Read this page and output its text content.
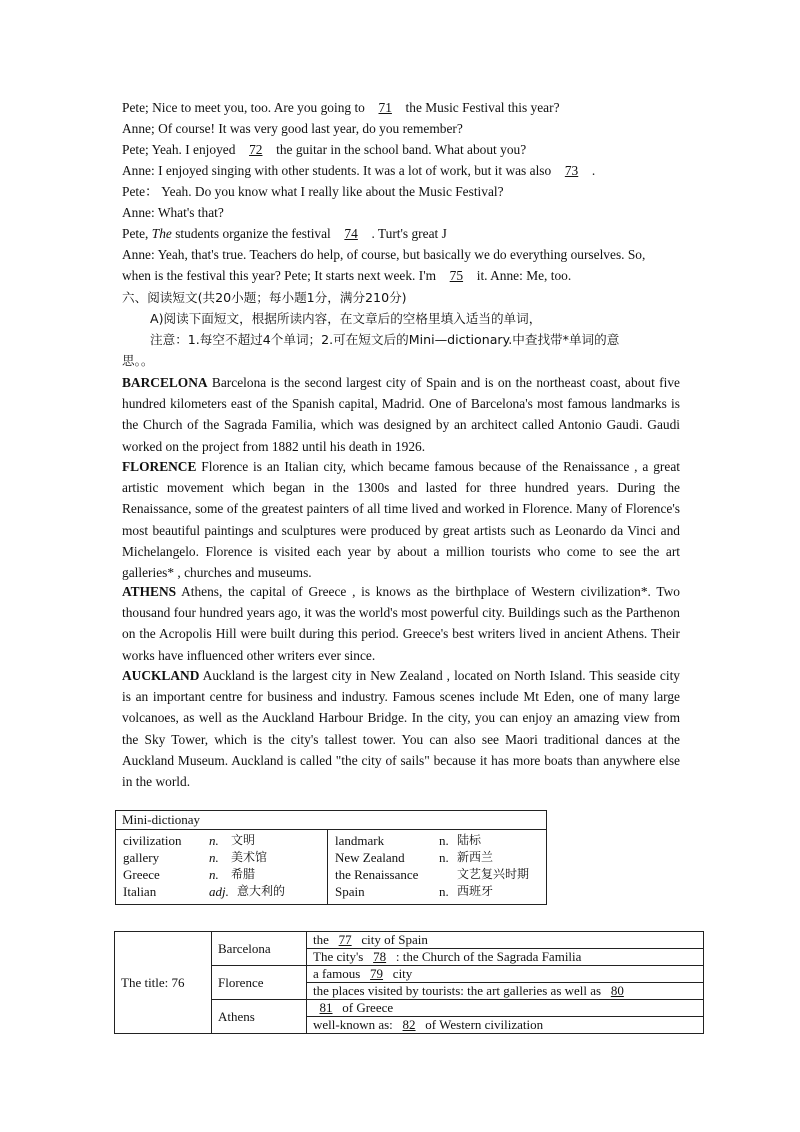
Pete; Nice to meet you, too. Are you going to 71 the Music Festival this year?
Anne; Of course! It was very good last year, do you remember?
Pete; Yeah. I enjoyed 72 the guitar in the school band. What about you?
Anne: I enjoyed singing with other students. It was a lot of work, but it was also 73 .
Pete： Yeah. Do you know what I really like about the Music Festival?
Anne: What's that?
Pete, The students organize the festival 74 . Turt's great J
Anne: Yeah, that's true. Teachers do help, of course, but basically we do everything ourselves. So,
when is the festival this year? Pete; It starts next week. I'm 75 it. Anne: Me, too.
六、阅读短文(共20小题；每小题1分，满分210分)
A)阅读下面短文，根据所读内容，在文章后的空格里填入适当的单词，
注意：1.每空不超过4个单词；2.可在短文后的Mini—dictionary.中查找带*单词的意
思。。
BARCELONA Barcelona is the second largest city of Spain and is on the northeast coast, about five hundred kilometers east of the Spanish capital, Madrid. One of Barcelona's most famous landmarks is the Church of the Sagrada Familia, which was designed by an architect called Antonio Gaudi. Gaudi worked on the project from 1882 until his death in 1926.
FLORENCE Florence is an Italian city, which became famous because of the Renaissance , a great artistic movement which began in the 1300s and lasted for three hundred years. During the Renaissance, some of the greatest painters of all time lived and worked in Florence. Many of Florence's most beautiful paintings and sculptures were produced by great artists such as Leonardo da Vinci and Michelangelo. Florence is visited each year by about a million tourists who come to see the art galleries* , churches and museums.
ATHENS Athens, the capital of Greece , is knows as the birthplace of Western civilization*. Two thousand four hundred years ago, it was the world's most powerful city. Buildings such as the Parthenon on the Acropolis Hill were built during this period. Greece's best writers lived in ancient Athens. Their works have influenced other writers ever since.
AUCKLAND Auckland is the largest city in New Zealand , located on North Island. This seaside city is an important centre for business and industry. Famous scenes include Mt Eden, one of many large volcanoes, as well as the Auckland Harbour Bridge. In the city, you can enjoy an amazing view from the Sky Tower, which is the city's tallest tower. You can also see Maori traditional dances at the Auckland Museum. Auckland is called "the city of sails" because it has more boats than anywhere else in the world.
Mini-dictionay
civilization	n.	文明
gallery	n.	美术馆
Greece	n.	希腊
Italian	adj. 意大利的
landmark	n. 陆标
New Zealand	n. 新西兰
the Renaissance	文艺复兴时期
Spain	n. 西班牙
The title: 76	Barcelona	the 77 city of Spain
		The city's 78 : the Church of the Sagrada Familia
	Florence	a famous 79 city
		the places visited by tourists: the art galleries as well as 80
	Athens	81 of Greece
		well-known as: 82 of Western civilization
